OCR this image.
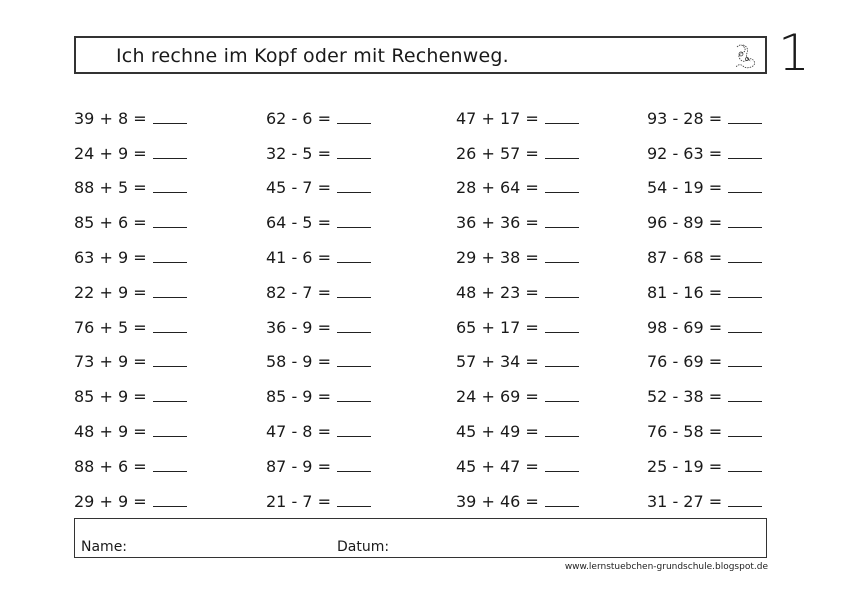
Ich rechne im Kopf oder mit Rechenweg.	1
39 + 8 =
24 + 9 =
88 + 5 =
85 + 6 =
63 + 9 =
22 + 9 =
76 + 5 =
73 + 9 =
85 + 9 =
48 + 9 =
88 + 6 =
29 + 9 =
62 - 6 =
32 - 5 =
45 - 7 =
64 - 5 =
41 - 6 =
82 - 7 =
36 - 9 =
58 - 9 =
85 - 9 =
47 - 8 =
87 - 9 =
21 - 7 =
47 + 17 =
26 + 57 =
28 + 64 =
36 + 36 =
29 + 38 =
48 + 23 =
65 + 17 =
57 + 34 =
24 + 69 =
45 + 49 =
45 + 47 =
39 + 46 =
93 - 28 =
92 - 63 =
54 - 19 =
96 - 89 =
87 - 68 =
81 - 16 =
98 - 69 =
76 - 69 =
52 - 38 =
76 - 58 =
25 - 19 =
31 - 27 =
Name:	Datum:
www.lernstuebchen-grundschule.blogspot.de
